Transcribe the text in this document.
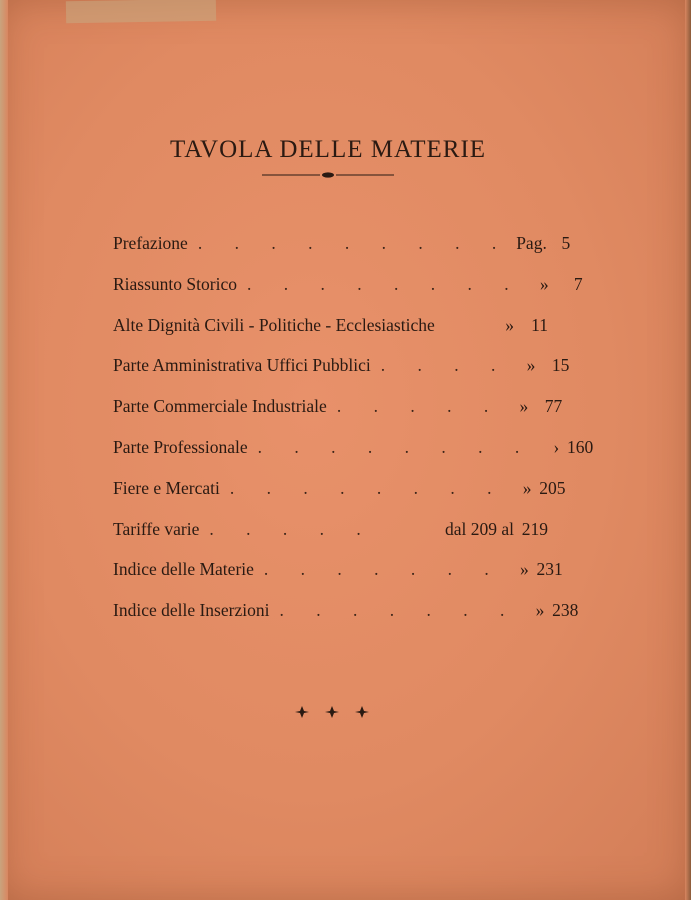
TAVOLA DELLE MATERIE
Prefazione . . . . . . . . . Pag. 5
Riassunto Storico . . . . . . . . »	7
Alte Dignità Civili - Politiche - Ecclesiastiche	» 11
Parte Amministrativa Uffici Pubblici . . . . » 15
Parte Commerciale Industriale . . . . . » 77
Parte Professionale . . . . . . . .	› 160
Fiere e Mercati . . . . . . . . » 205
Tariffe varie . . . . .	dal 209 al 219
Indice delle Materie . . . . . . . » 231
Indice delle Inserzioni . . . . . . . » 238
